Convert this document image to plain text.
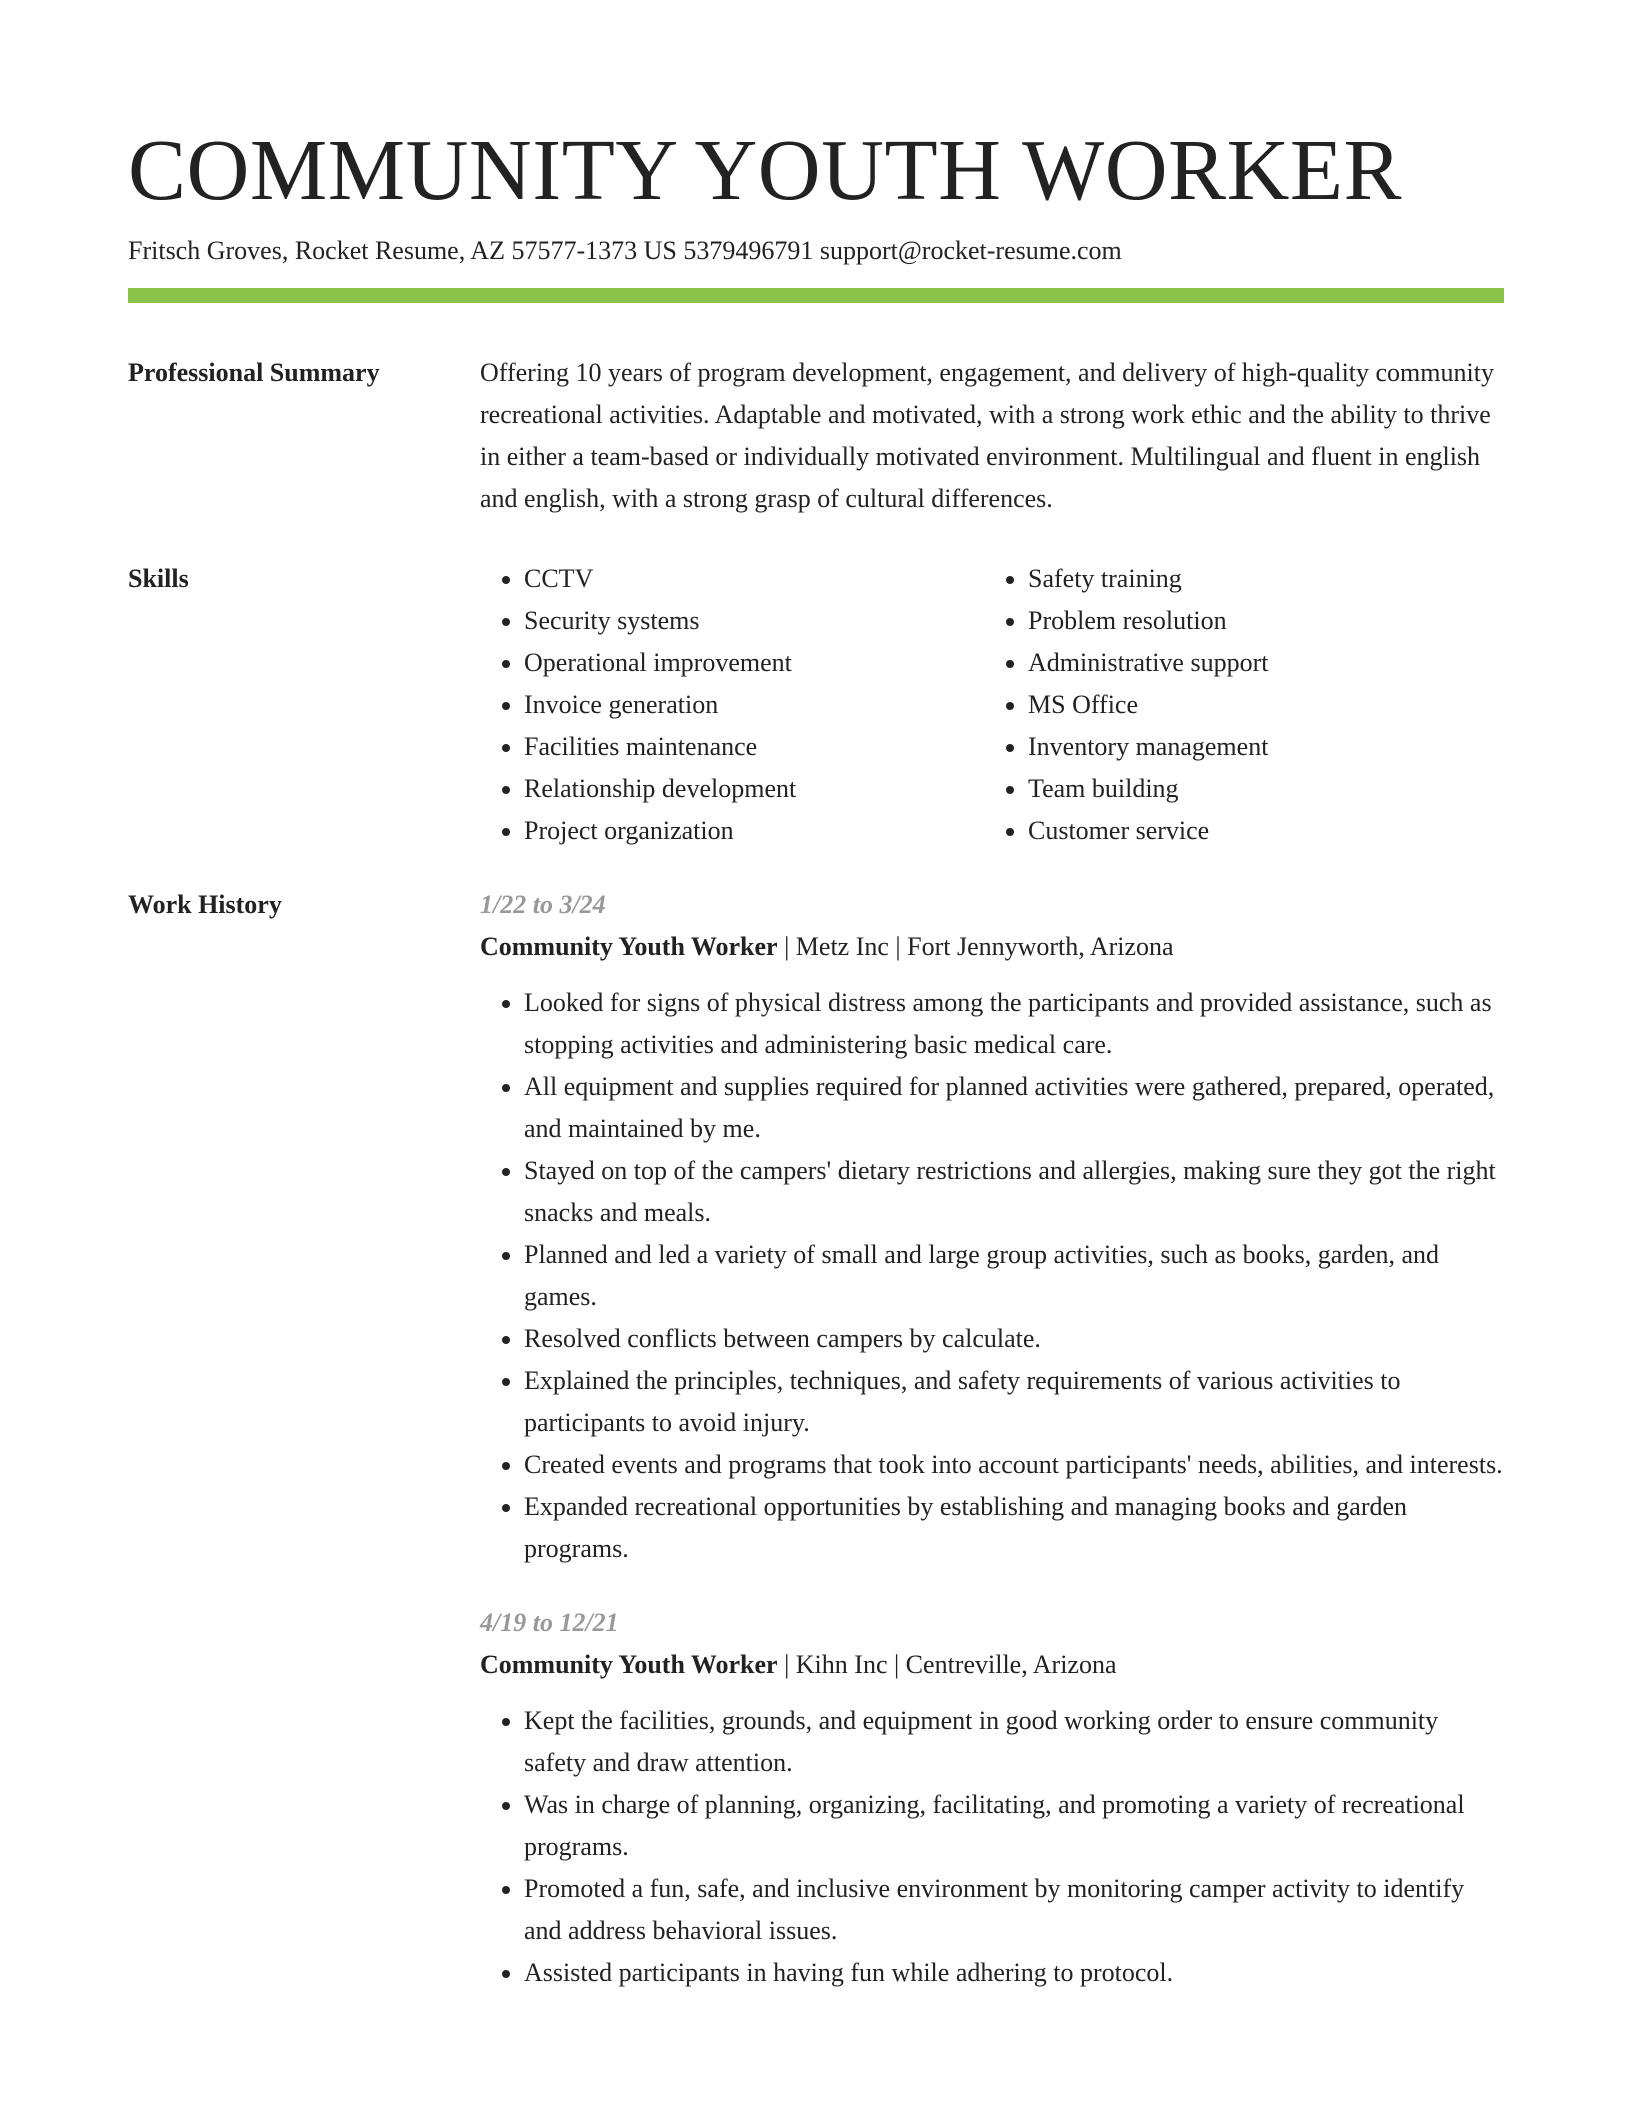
COMMUNITY YOUTH WORKER
Fritsch Groves, Rocket Resume, AZ 57577-1373 US 5379496791 support@rocket-resume.com
Professional Summary	Offering 10 years of program development, engagement, and delivery of high-quality community recreational activities. Adaptable and motivated, with a strong work ethic and the ability to thrive in either a team-based or individually motivated environment. Multilingual and fluent in english and english, with a strong grasp of cultural differences.
Skills
•	CCTV
• Security systems
• Operational improvement
• Invoice generation
• Facilities maintenance
• Relationship development
• Project organization
• Safety training
• Problem resolution
• Administrative support
• MS Office
• Inventory management
• Team building
• Customer service
Work History	1/22 to 3/24
Community Youth Worker | Metz Inc | Fort Jennyworth, Arizona
• Looked for signs of physical distress among the participants and provided assistance, such as stopping activities and administering basic medical care.
• All equipment and supplies required for planned activities were gathered, prepared, operated, and maintained by me.
• Stayed on top of the campers' dietary restrictions and allergies, making sure they got the right snacks and meals.
• Planned and led a variety of small and large group activities, such as books, garden, and games.
• Resolved conflicts between campers by calculate.
• Explained the principles, techniques, and safety requirements of various activities to participants to avoid injury.
• Created events and programs that took into account participants' needs, abilities, and interests.
• Expanded recreational opportunities by establishing and managing books and garden programs.
4/19 to 12/21
Community Youth Worker | Kihn Inc | Centreville, Arizona
• Kept the facilities, grounds, and equipment in good working order to ensure community safety and draw attention.
• Was in charge of planning, organizing, facilitating, and promoting a variety of recreational programs.
• Promoted a fun, safe, and inclusive environment by monitoring camper activity to identify and address behavioral issues.
• Assisted participants in having fun while adhering to protocol.
